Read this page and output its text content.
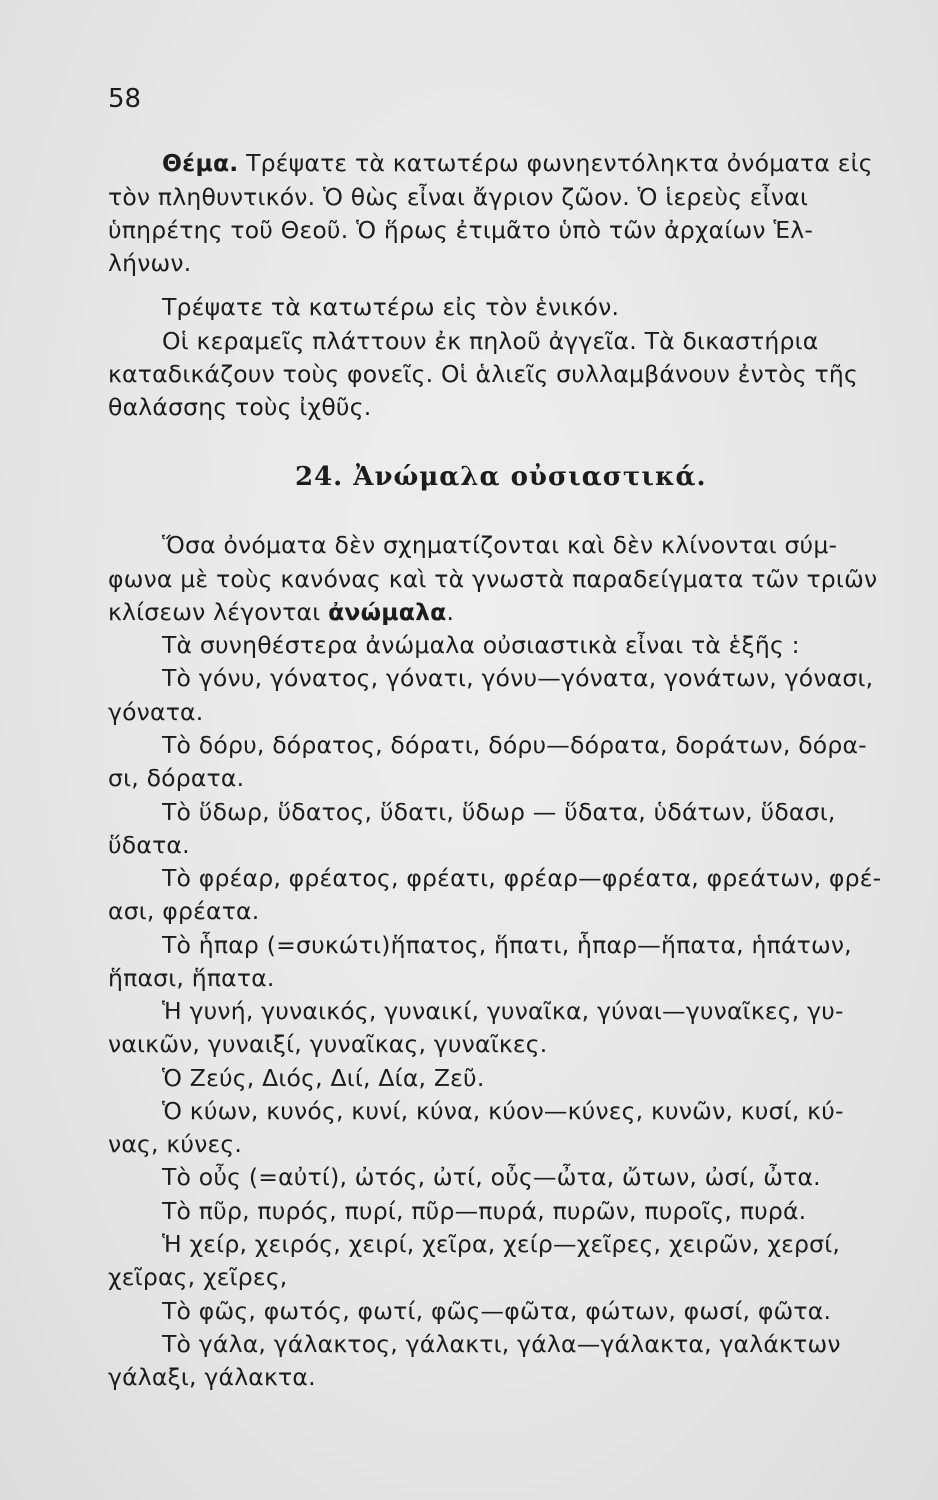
58
Θέμα. Τρέψατε τὰ κατωτέρω φωνηεντόληκτα ὀνόματα εἰς
τὸν πληθυντικόν. Ὁ θὼς εἶναι ἄγριον ζῶον. Ὁ ἱερεὺς εἶναι
ὑπηρέτης τοῦ Θεοῦ. Ὁ ἥρως ἐτιμᾶτο ὑπὸ τῶν ἀρχαίων Ἑλ-
λήνων.
Τρέψατε τὰ κατωτέρω εἰς τὸν ἑνικόν.
Οἱ κεραμεῖς πλάττουν ἐκ πηλοῦ ἀγγεῖα. Τὰ δικαστήρια
καταδικάζουν τοὺς φονεῖς. Οἱ ἁλιεῖς συλλαμβάνουν ἐντὸς τῆς
θαλάσσης τοὺς ἰχθῦς.
Ὅσα ὀνόματα δὲν σχηματίζονται καὶ δὲν κλίνονται σύμ-
φωνα μὲ τοὺς κανόνας καὶ τὰ γνωστὰ παραδείγματα τῶν τριῶν
κλίσεων λέγονται ἀνώμαλα.
Τὰ συνηθέστερα ἀνώμαλα οὐσιαστικὰ εἶναι τὰ ἑξῆς :
Τὸ γόνυ, γόνατος, γόνατι, γόνυ—γόνατα, γονάτων, γόνασι,
γόνατα.
Τὸ δόρυ, δόρατος, δόρατι, δόρυ—δόρατα, δοράτων, δόρα-
σι, δόρατα.
Τὸ ὕδωρ, ὕδατος, ὕδατι, ὕδωρ — ὕδατα, ὑδάτων, ὕδασι,
ὕδατα.
Τὸ φρέαρ, φρέατος, φρέατι, φρέαρ—φρέατα, φρεάτων, φρέ-
ασι, φρέατα.
Τὸ ἧπαρ (=συκώτι)ἥπατος, ἥπατι, ἧπαρ—ἥπατα, ἡπάτων,
ἥπασι, ἥπατα.
Ἡ γυνή, γυναικός, γυναικί, γυναῖκα, γύναι—γυναῖκες, γυ-
ναικῶν, γυναιξί, γυναῖκας, γυναῖκες.
Ὁ Ζεύς, Διός, Διί, Δία, Ζεῦ.
Ὁ κύων, κυνός, κυνί, κύνα, κύον—κύνες, κυνῶν, κυσί, κύ-
νας, κύνες.
Τὸ οὖς (=αὐτί), ὠτός, ὠτί, οὖς—ὦτα, ὤτων, ὠσί, ὦτα.
Τὸ πῦρ, πυρός, πυρί, πῦρ—πυρά, πυρῶν, πυροῖς, πυρά.
Ἡ χείρ, χειρός, χειρί, χεῖρα, χείρ—χεῖρες, χειρῶν, χερσί,
χεῖρας, χεῖρες,
Τὸ φῶς, φωτός, φωτί, φῶς—φῶτα, φώτων, φωσί, φῶτα.
Τὸ γάλα, γάλακτος, γάλακτι, γάλα—γάλακτα, γαλάκτων
γάλαξι, γάλακτα.
24. Ἀνώμαλα οὐσιαστικά.
